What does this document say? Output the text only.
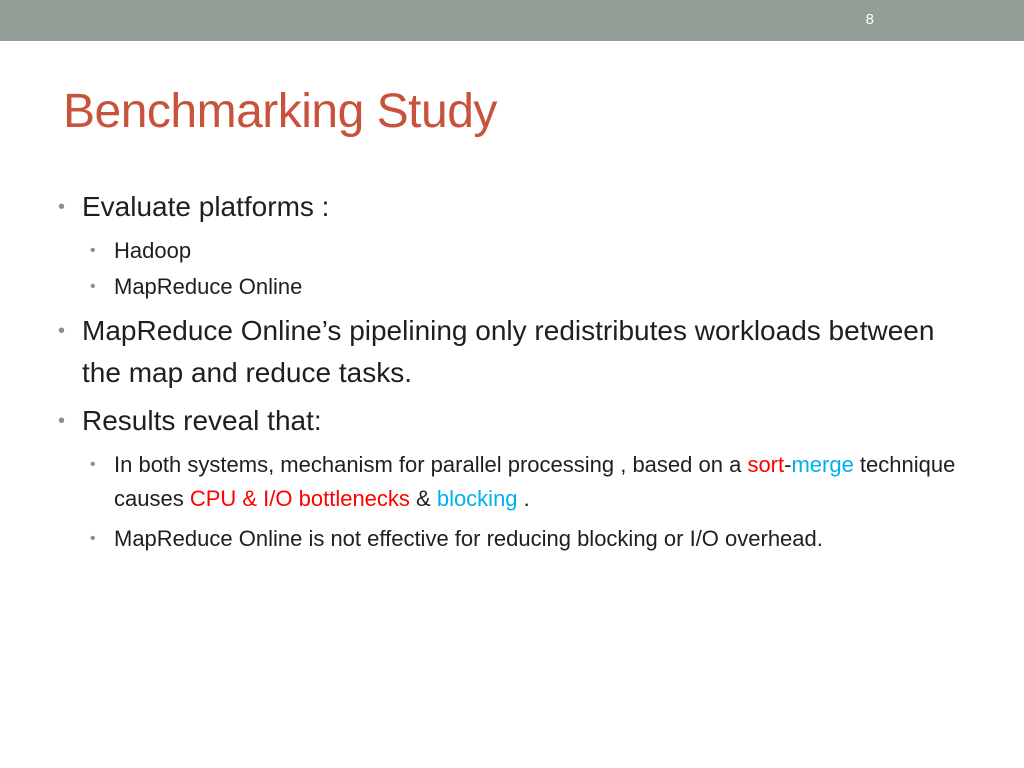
8
Benchmarking Study
• Evaluate platforms :
• Hadoop
• MapReduce Online
• MapReduce Online’s pipelining only redistributes workloads between the map and reduce tasks.
• Results reveal that:
• In both systems, mechanism for parallel processing , based on a sort-merge technique causes CPU & I/O bottlenecks & blocking .
• MapReduce Online is not effective for reducing blocking or I/O overhead.
